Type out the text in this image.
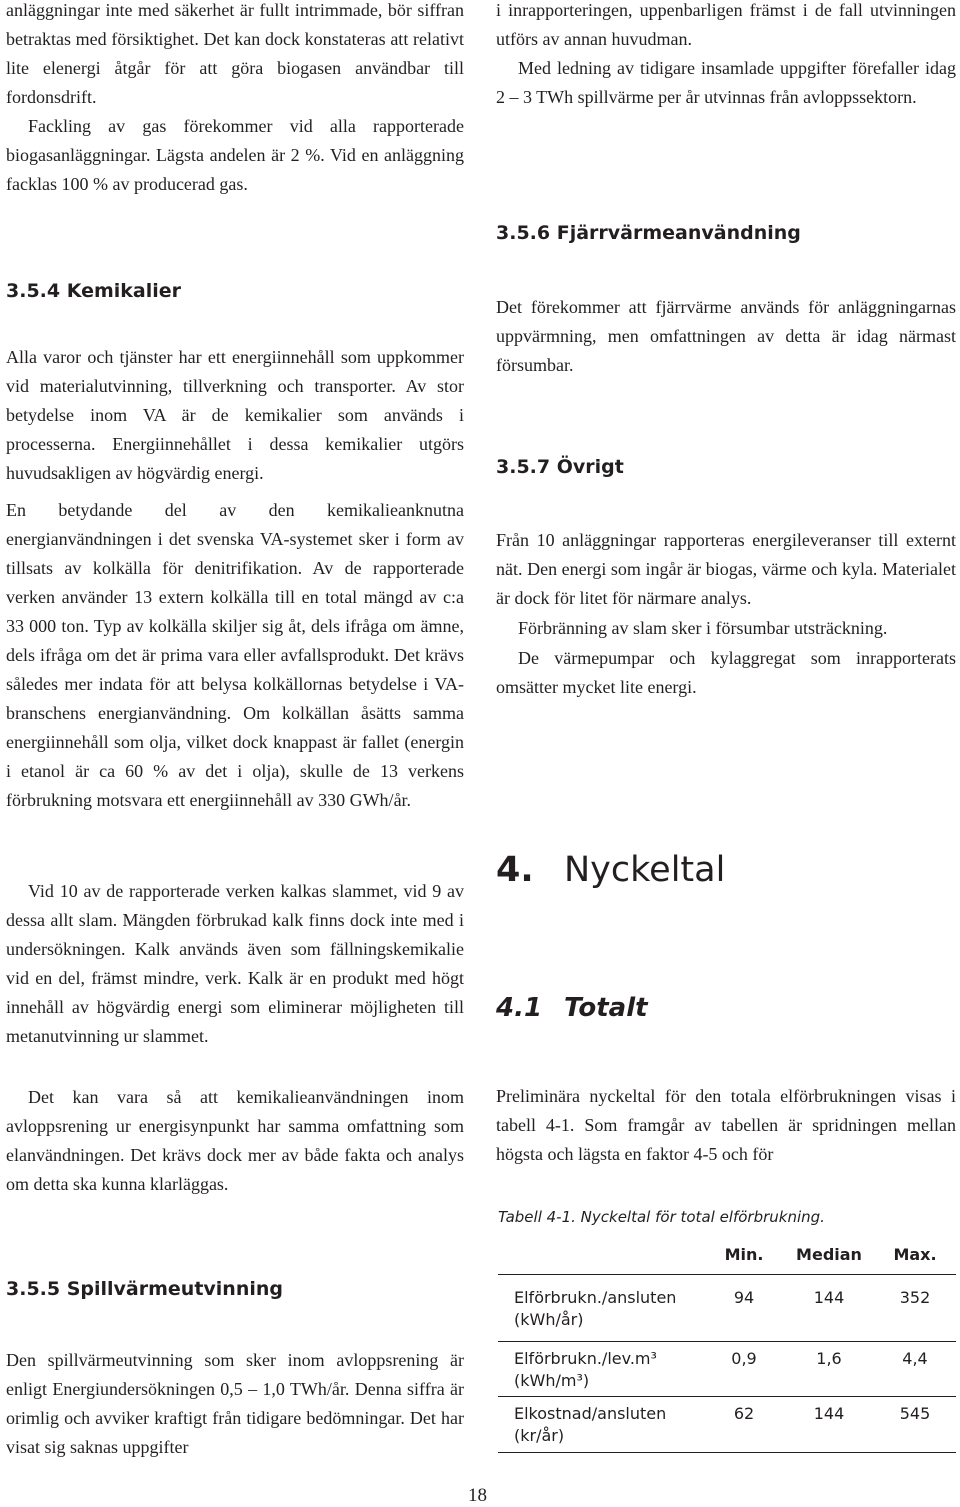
anläggningar inte med säkerhet är fullt intrimmade, bör siffran betraktas med försiktighet. Det kan dock konstateras att relativt lite elenergi åtgår för att göra biogasen användbar till fordonsdrift.

Fackling av gas förekommer vid alla rapporterade biogasanläggningar. Lägsta andelen är 2 %. Vid en anläggning facklas 100 % av producerad gas.

3.5.4 Kemikalier

Alla varor och tjänster har ett energiinnehåll som uppkommer vid materialutvinning, tillverkning och transporter. Av stor betydelse inom VA är de kemikalier som används i processerna. Energiinnehållet i dessa kemikalier utgörs huvudsakligen av högvärdig energi.

En betydande del av den kemikalieanknutna energianvändningen i det svenska VA-systemet sker i form av tillsats av kolkälla för denitrifikation. Av de rapporterade verken använder 13 extern kolkälla till en total mängd av c:a 33 000 ton. Typ av kolkälla skiljer sig åt, dels ifråga om ämne, dels ifråga om det är prima vara eller avfallsprodukt. Det krävs således mer indata för att belysa kolkällornas betydelse i VA-branschens energianvändning. Om kolkällan åsätts samma energiinnehåll som olja, vilket dock knappast är fallet (energin i etanol är ca 60 % av det i olja), skulle de 13 verkens förbrukning motsvara ett energiinnehåll av 330 GWh/år.

Vid 10 av de rapporterade verken kalkas slammet, vid 9 av dessa allt slam. Mängden förbrukad kalk finns dock inte med i undersökningen. Kalk används även som fällningskemikalie vid en del, främst mindre, verk. Kalk är en produkt med högt innehåll av högvärdig energi som eliminerar möjligheten till metanutvinning ur slammet.

Det kan vara så att kemikalieanvändningen inom avloppsrening ur energisynpunkt har samma omfattning som elanvändningen. Det krävs dock mer av både fakta och analys om detta ska kunna klarläggas.

3.5.5 Spillvärmeutvinning

Den spillvärmeutvinning som sker inom avloppsrening är enligt Energiundersökningen 0,5 – 1,0 TWh/år. Denna siffra är orimlig och avviker kraftigt från tidigare bedömningar. Det har visat sig saknas uppgifter

i inrapporteringen, uppenbarligen främst i de fall utvinningen utförs av annan huvudman.

Med ledning av tidigare insamlade uppgifter förefaller idag 2 – 3 TWh spillvärme per år utvinnas från avloppssektorn.

3.5.6 Fjärrvärmeanvändning

Det förekommer att fjärrvärme används för anläggningarnas uppvärmning, men omfattningen av detta är idag närmast försumbar.

3.5.7 Övrigt

Från 10 anläggningar rapporteras energileveranser till externt nät. Den energi som ingår är biogas, värme och kyla. Materialet är dock för litet för närmare analys.

Förbränning av slam sker i försumbar utsträckning.

De värmepumpar och kylaggregat som inrapporterats omsätter mycket lite energi.

4. Nyckeltal
4.1 Totalt

Preliminära nyckeltal för den totala elförbrukningen visas i tabell 4-1. Som framgår av tabellen är spridningen mellan högsta och lägsta en faktor 4-5 och för

Tabell 4-1. Nyckeltal för total elförbrukning.

	Min.	Median	Max.

Elförbrukn./ansluten
(kWh/år)	94	144	352

Elförbrukn./lev.m³
(kWh/m³)	0,9	1,6	4,4

Elkostnad/ansluten
(kr/år)	62	144	545
18
